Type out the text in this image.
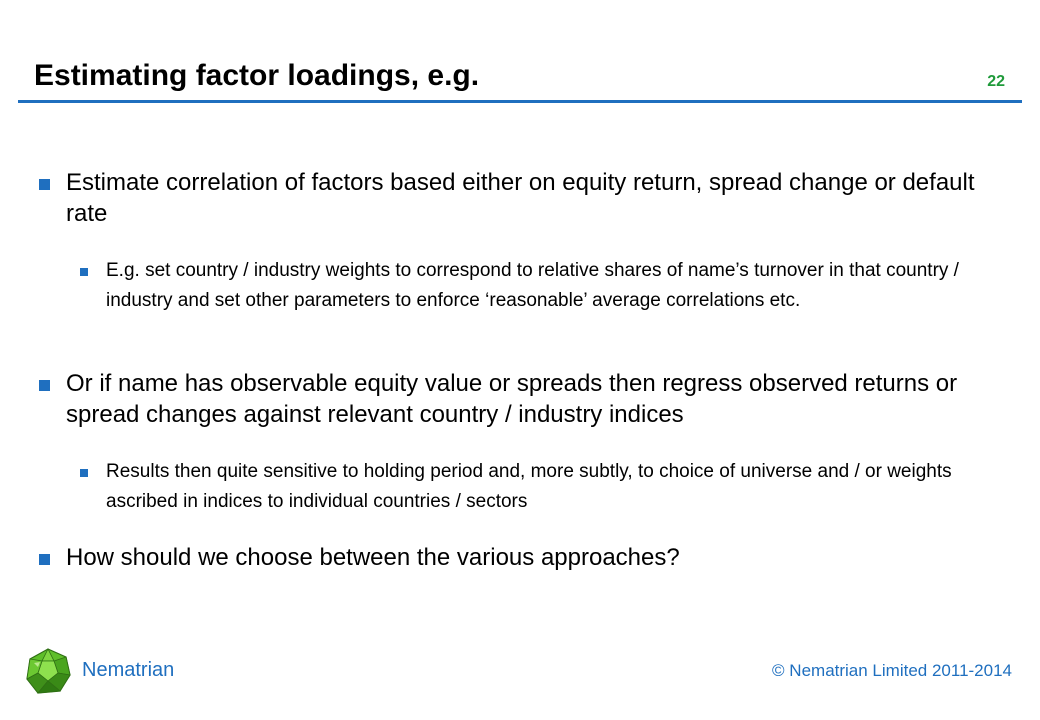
Estimating factor loadings, e.g.	22
Estimate correlation of factors based either on equity return, spread change or default rate
E.g. set country / industry weights to correspond to relative shares of name’s turnover in that country / industry and set other parameters to enforce ‘reasonable’ average correlations etc.
Or if name has observable equity value or spreads then regress observed returns or spread changes against relevant country / industry indices
Results then quite sensitive to holding period and, more subtly, to choice of universe and / or weights ascribed in indices to individual countries / sectors
How should we choose between the various approaches?
Nematrian	© Nematrian Limited 2011-2014
